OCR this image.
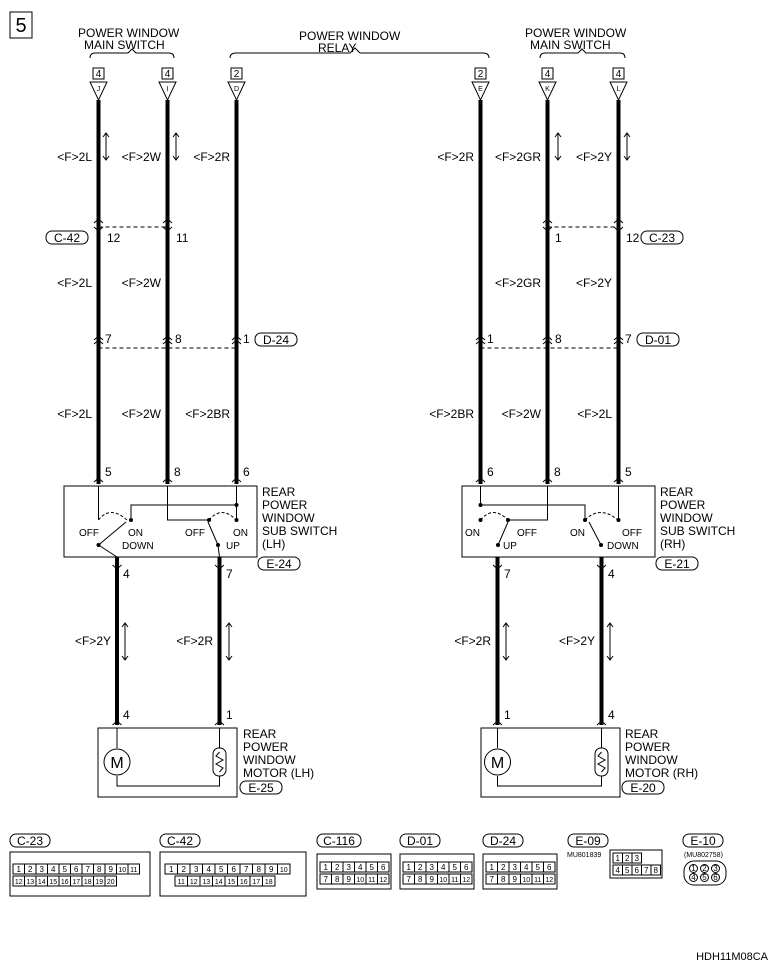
5	POWER WINDOW
MAIN SWITCH
POWER WINDOW
RELAY
POWER WINDOW
MAIN SWITCH
4
J
4
I
2
D
2
E
4
K
4
L
<F>2L <F>2W	<F>2R	<F>2R <F>2GR	<F>2Y
C-42 12	11	1	12 C-23
<F>2L <F>2W	<F>2GR	<F>2Y
7	8	1 D-24	1	8	7 D-01
<F>2L <F>2W <F>2BR	<F>2BR <F>2W	<F>2L
5	8	6	6	8	5
OFF	ON
DOWN
OFF	ON
UP
REAR
POWER
WINDOW
SUB SWITCH
(LH)
E-24
ON
UP
OFF	ON	OFF
DOWN
REAR
POWER
WINDOW
SUB SWITCH
(RH)
E-21
4	7	7	4
<F>2Y	<F>2R	<F>2R	<F>2Y
4	1	1	4
M
REAR
POWER
WINDOW
MOTOR (LH)
E-25
M
REAR
POWER
WINDOW
MOTOR (RH)
E-20
C-23
1 2 3 4 5 6 7 8 9 10 11
12 13 14 15 16 17 18 19 20
C-42
1 2 3 4 5 6 7 8 9 10
11 12 13 14 15 16 17 18
C-116
1 2 3 4 5 6
7 8 9 10 11 12
D-01
1 2 3 4 5 6
7 8 9 10 11 12
D-24
1 2 3 4 5 6
7 8 9 10 11 12
E-09
MU801839 1 2 3
4 5 6 7 8
E-10
(MU802758)
1 2 3
4 5 6
HDH11M08CA
